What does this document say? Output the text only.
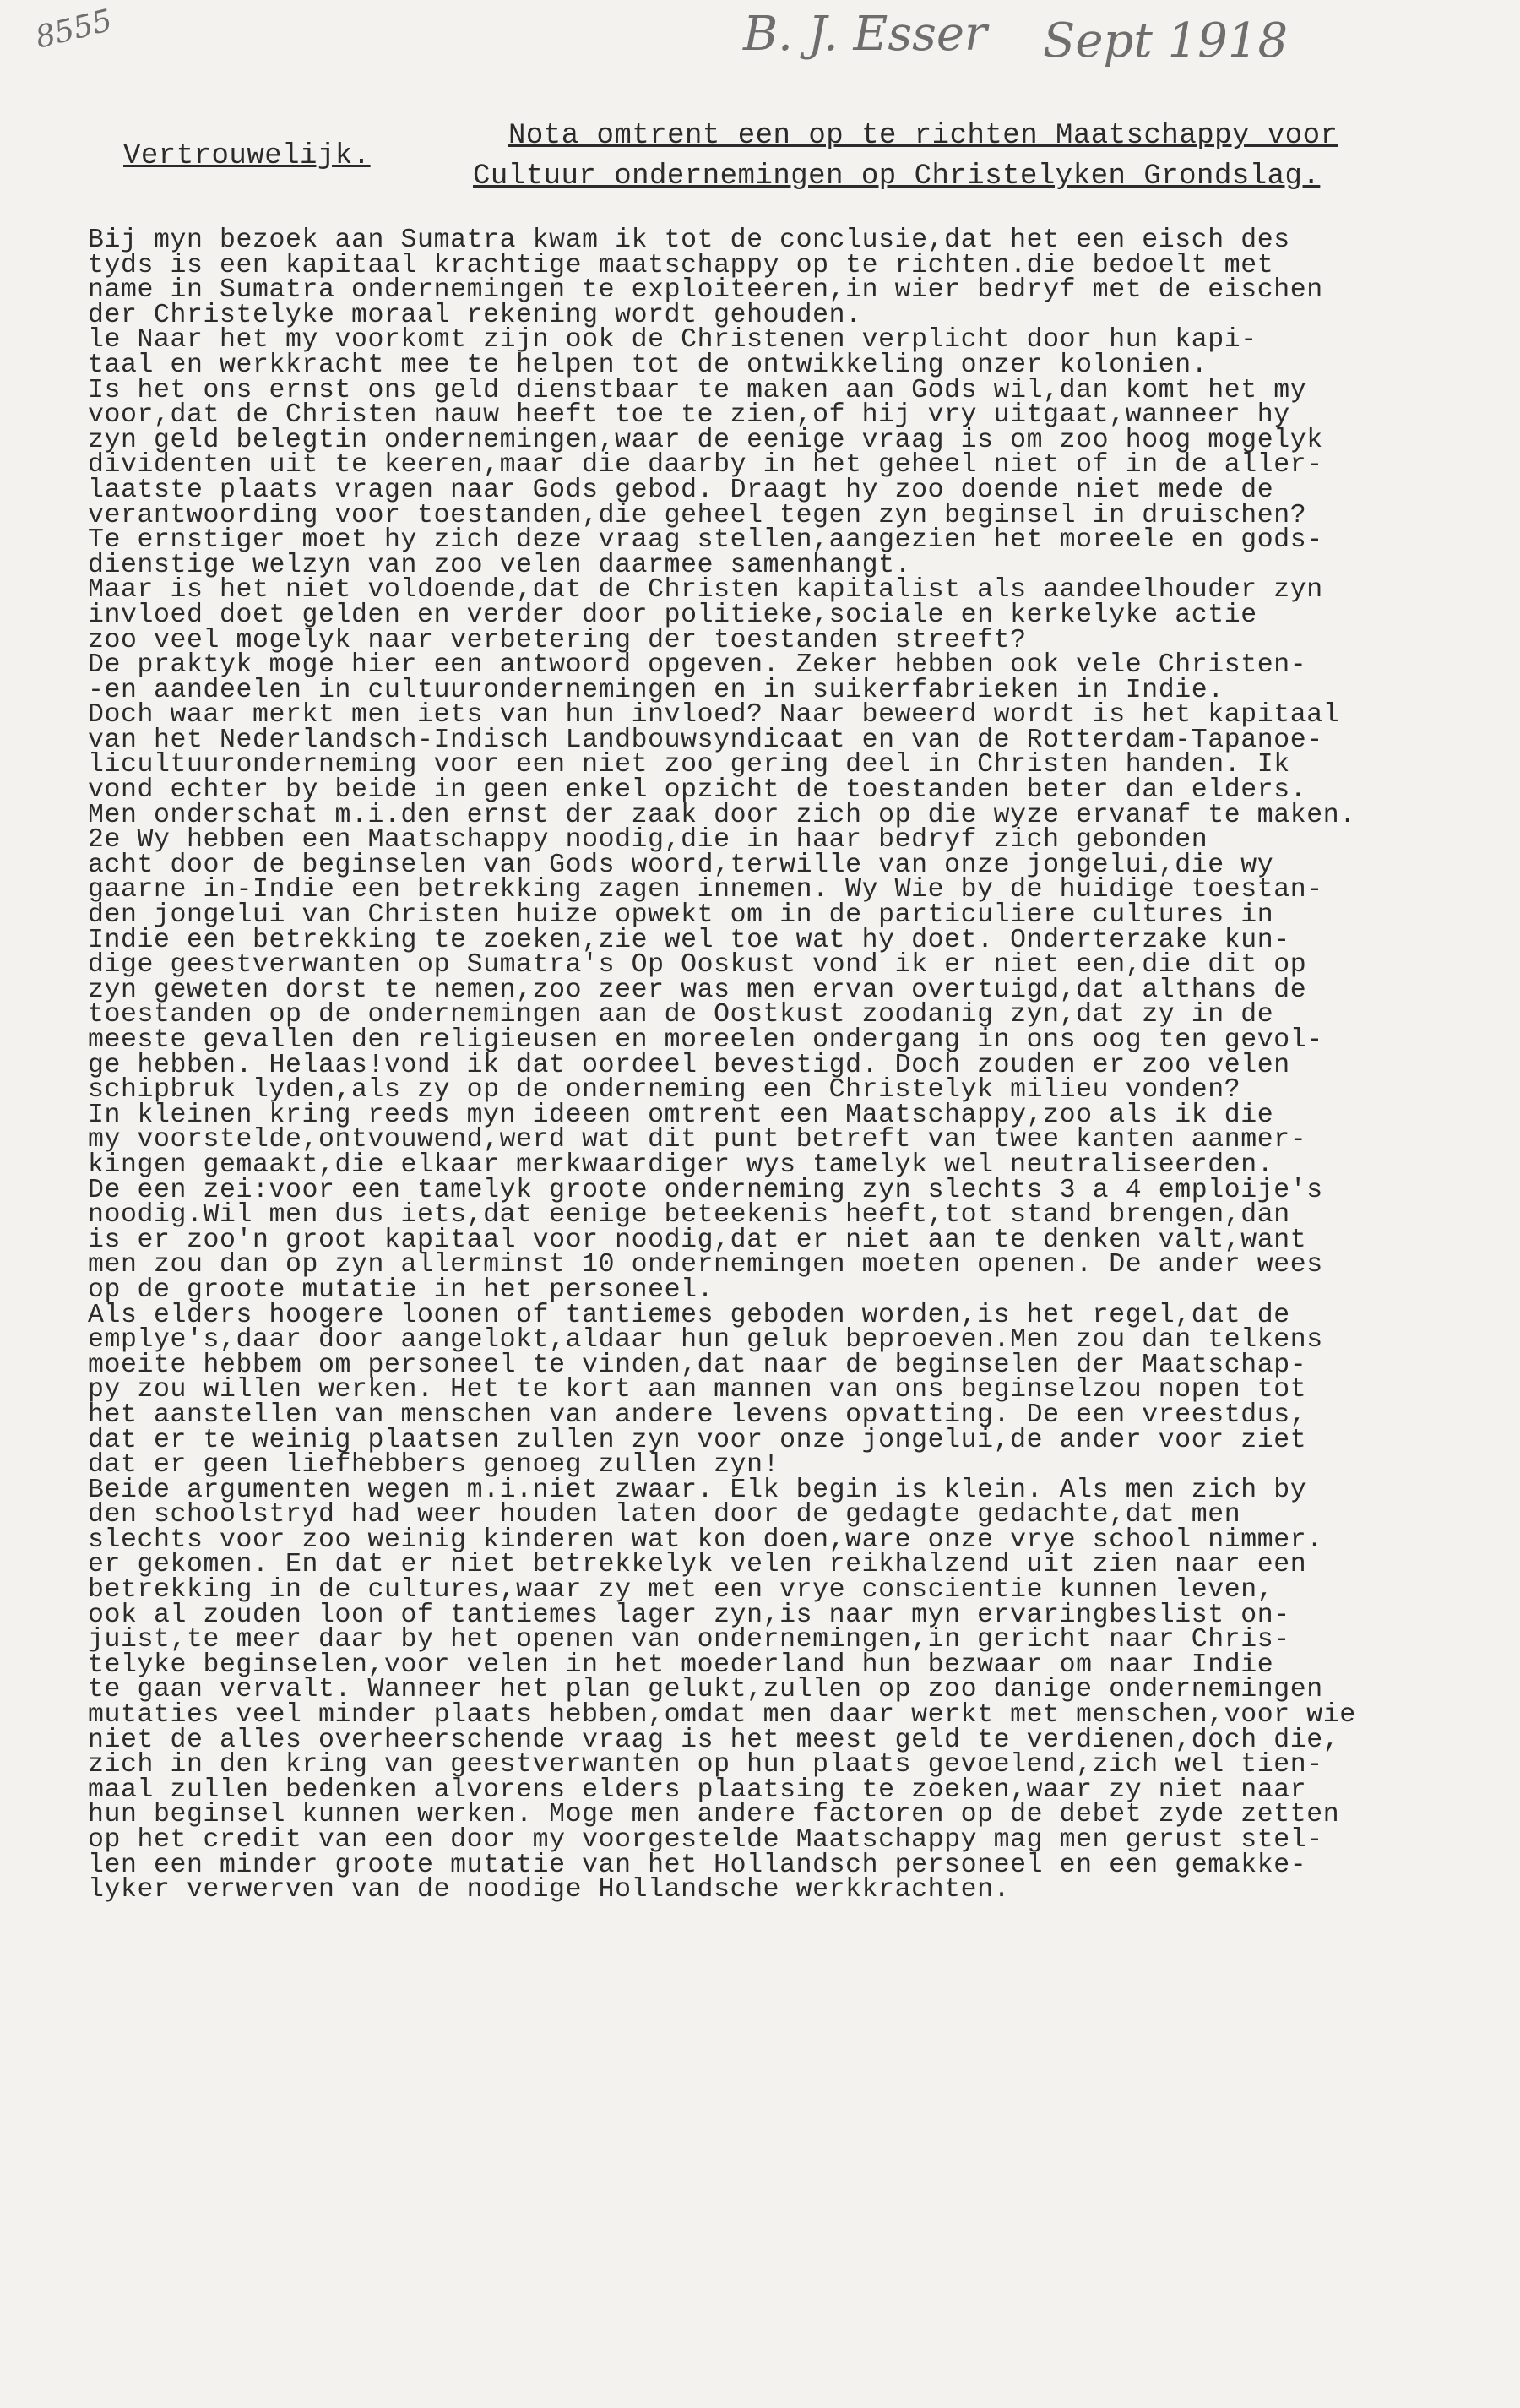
8555	B. J. Esser Sept 1918
Vertrouwelijk.
Nota omtrent een op te richten Maatschappy voor
Cultuur ondernemingen op Christelyken Grondslag.
Bij myn bezoek aan Sumatra kwam ik tot de conclusie,dat het een eisch des
tyds is een kapitaal krachtige maatschappy op te richten.die bedoelt met
name in Sumatra ondernemingen te exploiteeren,in wier bedryf met de eischen
der Christelyke moraal rekening wordt gehouden.
le Naar het my voorkomt zijn ook de Christenen verplicht door hun kapi-
taal en werkkracht mee te helpen tot de ontwikkeling onzer kolonien.
Is het ons ernst ons geld dienstbaar te maken aan Gods wil,dan komt het my
voor,dat de Christen nauw heeft toe te zien,of hij vry uitgaat,wanneer hy
zyn geld belegtin ondernemingen,waar de eenige vraag is om zoo hoog mogelyk
dividenten uit te keeren,maar die daarby in het geheel niet of in de aller-
laatste plaats vragen naar Gods gebod. Draagt hy zoo doende niet mede de
verantwoording voor toestanden,die geheel tegen zyn beginsel in druischen?
Te ernstiger moet hy zich deze vraag stellen,aangezien het moreele en gods-
dienstige welzyn van zoo velen daarmee samenhangt.
Maar is het niet voldoende,dat de Christen kapitalist als aandeelhouder zyn
invloed doet gelden en verder door politieke,sociale en kerkelyke actie
zoo veel mogelyk naar verbetering der toestanden streeft?
De praktyk moge hier een antwoord opgeven. Zeker hebben ook vele Christen-
-en aandeelen in cultuurondernemingen en in suikerfabrieken in Indie.
Doch waar merkt men iets van hun invloed? Naar beweerd wordt is het kapitaal
van het Nederlandsch-Indisch Landbouwsyndicaat en van de Rotterdam-Tapanoe-
licultuuronderneming voor een niet zoo gering deel in Christen handen. Ik
vond echter by beide in geen enkel opzicht de toestanden beter dan elders.
Men onderschat m.i.den ernst der zaak door zich op die wyze ervanaf te maken.
2e Wy hebben een Maatschappy noodig,die in haar bedryf zich gebonden
acht door de beginselen van Gods woord,terwille van onze jongelui,die wy
gaarne in-Indie een betrekking zagen innemen. Wy Wie by de huidige toestan-
den jongelui van Christen huize opwekt om in de particuliere cultures in
Indie een betrekking te zoeken,zie wel toe wat hy doet. Onderterzake kun-
dige geestverwanten op Sumatra's Op Ooskust vond ik er niet een,die dit op
zyn geweten dorst te nemen,zoo zeer was men ervan overtuigd,dat althans de
toestanden op de ondernemingen aan de Oostkust zoodanig zyn,dat zy in de
meeste gevallen den religieusen en moreelen ondergang in ons oog ten gevol-
ge hebben. Helaas!vond ik dat oordeel bevestigd. Doch zouden er zoo velen
schipbruk lyden,als zy op de onderneming een Christelyk milieu vonden?
In kleinen kring reeds myn ideeen omtrent een Maatschappy,zoo als ik die
my voorstelde,ontvouwend,werd wat dit punt betreft van twee kanten aanmer-
kingen gemaakt,die elkaar merkwaardiger wys tamelyk wel neutraliseerden.
De een zei:voor een tamelyk groote onderneming zyn slechts 3 a 4 emploije's
noodig.Wil men dus iets,dat eenige beteekenis heeft,tot stand brengen,dan
is er zoo'n groot kapitaal voor noodig,dat er niet aan te denken valt,want
men zou dan op zyn allerminst 10 ondernemingen moeten openen. De ander wees
op de groote mutatie in het personeel.
Als elders hoogere loonen of tantiemes geboden worden,is het regel,dat de
emplye's,daar door aangelokt,aldaar hun geluk beproeven.Men zou dan telkens
moeite hebbem om personeel te vinden,dat naar de beginselen der Maatschap-
py zou willen werken. Het te kort aan mannen van ons beginselzou nopen tot
het aanstellen van menschen van andere levens opvatting. De een vreestdus,
dat er te weinig plaatsen zullen zyn voor onze jongelui,de ander voor ziet
dat er geen liefhebbers genoeg zullen zyn!
Beide argumenten wegen m.i.niet zwaar. Elk begin is klein. Als men zich by
den schoolstryd had weer houden laten door de gedagte gedachte,dat men
slechts voor zoo weinig kinderen wat kon doen,ware onze vrye school nimmer.
er gekomen. En dat er niet betrekkelyk velen reikhalzend uit zien naar een
betrekking in de cultures,waar zy met een vrye conscientie kunnen leven,
ook al zouden loon of tantiemes lager zyn,is naar myn ervaringbeslist on-
juist,te meer daar by het openen van ondernemingen,in gericht naar Chris-
telyke beginselen,voor velen in het moederland hun bezwaar om naar Indie
te gaan vervalt. Wanneer het plan gelukt,zullen op zoo danige ondernemingen
mutaties veel minder plaats hebben,omdat men daar werkt met menschen,voor wie
niet de alles overheerschende vraag is het meest geld te verdienen,doch die,
zich in den kring van geestverwanten op hun plaats gevoelend,zich wel tien-
maal zullen bedenken alvorens elders plaatsing te zoeken,waar zy niet naar
hun beginsel kunnen werken. Moge men andere factoren op de debet zyde zetten
op het credit van een door my voorgestelde Maatschappy mag men gerust stel-
len een minder groote mutatie van het Hollandsch personeel en een gemakke-
lyker verwerven van de noodige Hollandsche werkkrachten.
